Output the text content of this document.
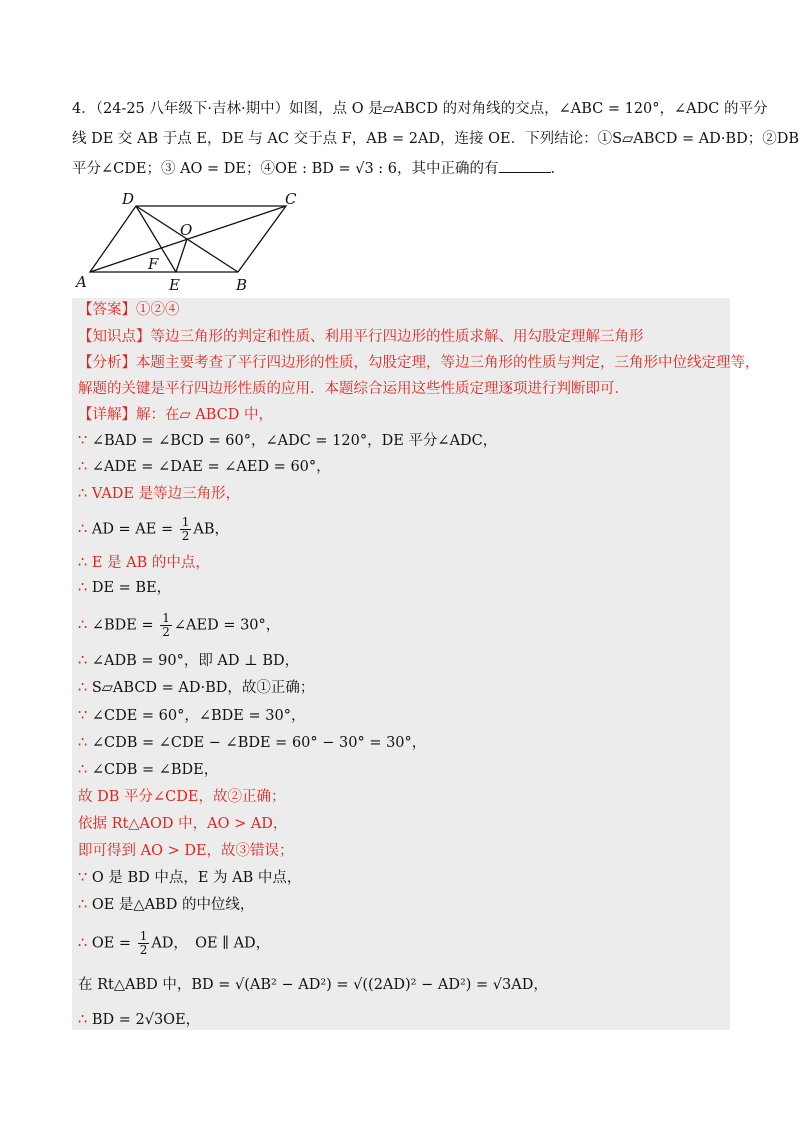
4．（24-25 八年级下·吉林·期中）如图，点 O 是▱ABCD 的对角线的交点，∠ABC = 120°，∠ADC 的平分

线 DE 交 AB 于点 E，DE 与 AC 交于点 F，AB = 2AD，连接 OE．下列结论：①S▱ABCD = AD·BD；②DB

平分∠CDE；③ AO = DE；④OE : BD = √3 : 6，其中正确的有	．

A	B
C
D
E
F
O
【答案】①②④
【知识点】等边三角形的判定和性质、利用平行四边形的性质求解、用勾股定理解三角形
【分析】本题主要考查了平行四边形的性质，勾股定理，等边三角形的性质与判定，三角形中位线定理等，
解题的关键是平行四边形性质的应用．本题综合运用这些性质定理逐项进行判断即可．
【详解】解：在▱ ABCD 中，
∵ ∠BAD = ∠BCD = 60°，∠ADC = 120°，DE 平分∠ADC，
∴ ∠ADE = ∠DAE = ∠AED = 60°，
∴ VADE 是等边三角形，
∴ AD = AE = $\frac{1}{2}$ AB，
∴ E 是 AB 的中点，
∴ DE = BE，
∴ ∠BDE = $\frac{1}{2}$ ∠AED = 30°，
∴ ∠ADB = 90°，即 AD ⊥ BD，
∴ S▱ABCD = AD·BD，故①正确；
∵ ∠CDE = 60°，∠BDE = 30°，
∴ ∠CDB = ∠CDE − ∠BDE = 60° − 30° = 30°，
∴ ∠CDB = ∠BDE，
故 DB 平分∠CDE，故②正确；
依据 Rt△AOD 中，AO > AD，
即可得到 AO > DE，故③错误；
∵ O 是 BD 中点，E 为 AB 中点，
∴ OE 是△ABD 的中位线，
∴ OE = $\frac{1}{2}$ AD，　OE ∥ AD，
在 Rt△ABD 中，BD = √(AB² − AD²) = √((2AD)² − AD²) = √3AD，
∴ BD = 2√3OE，
